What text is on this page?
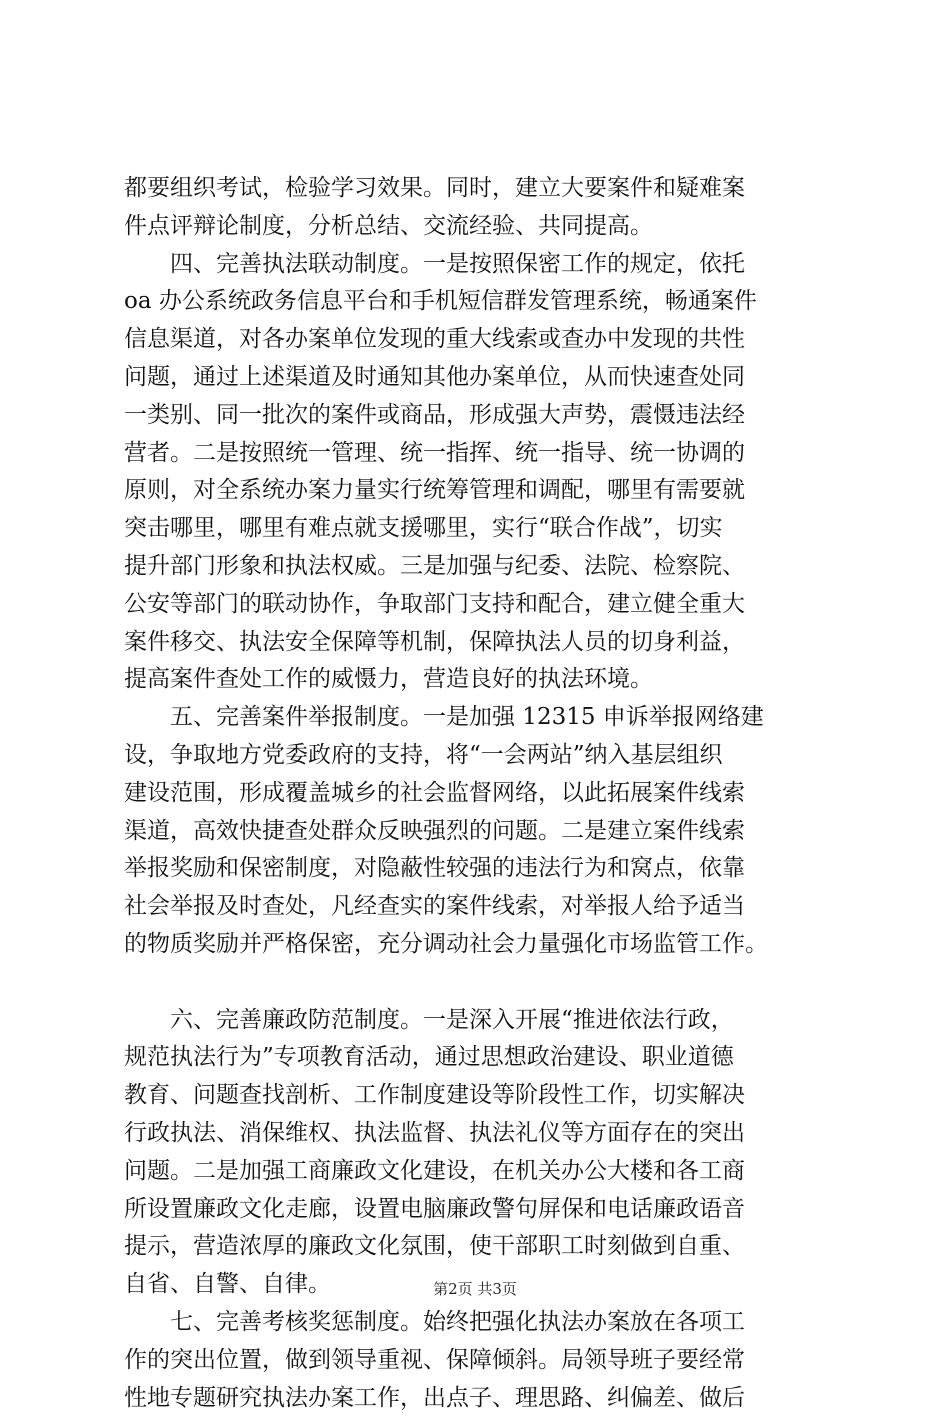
都要组织考试，检验学习效果。同时，建立大要案件和疑难案
件点评辩论制度，分析总结、交流经验、共同提高。
　　四、完善执法联动制度。一是按照保密工作的规定，依托
oa 办公系统政务信息平台和手机短信群发管理系统，畅通案件
信息渠道，对各办案单位发现的重大线索或查办中发现的共性
问题，通过上述渠道及时通知其他办案单位，从而快速查处同
一类别、同一批次的案件或商品，形成强大声势，震慑违法经
营者。二是按照统一管理、统一指挥、统一指导、统一协调的
原则，对全系统办案力量实行统筹管理和调配，哪里有需要就
突击哪里，哪里有难点就支援哪里，实行“联合作战”，切实
提升部门形象和执法权威。三是加强与纪委、法院、检察院、
公安等部门的联动协作，争取部门支持和配合，建立健全重大
案件移交、执法安全保障等机制，保障执法人员的切身利益，
提高案件查处工作的威慑力，营造良好的执法环境。
　　五、完善案件举报制度。一是加强 12315 申诉举报网络建
设，争取地方党委政府的支持，将“一会两站”纳入基层组织
建设范围，形成覆盖城乡的社会监督网络，以此拓展案件线索
渠道，高效快捷查处群众反映强烈的问题。二是建立案件线索
举报奖励和保密制度，对隐蔽性较强的违法行为和窝点，依靠
社会举报及时查处，凡经查实的案件线索，对举报人给予适当
的物质奖励并严格保密，充分调动社会力量强化市场监管工作。
　　六、完善廉政防范制度。一是深入开展“推进依法行政，
规范执法行为”专项教育活动，通过思想政治建设、职业道德
教育、问题查找剖析、工作制度建设等阶段性工作，切实解决
行政执法、消保维权、执法监督、执法礼仪等方面存在的突出
问题。二是加强工商廉政文化建设，在机关办公大楼和各工商
所设置廉政文化走廊，设置电脑廉政警句屏保和电话廉政语音
提示，营造浓厚的廉政文化氛围，使干部职工时刻做到自重、
自省、自警、自律。
　　七、完善考核奖惩制度。始终把强化执法办案放在各项工
作的突出位置，做到领导重视、保障倾斜。局领导班子要经常
性地专题研究执法办案工作，出点子、理思路、纠偏差、做后
第2页 共3页
